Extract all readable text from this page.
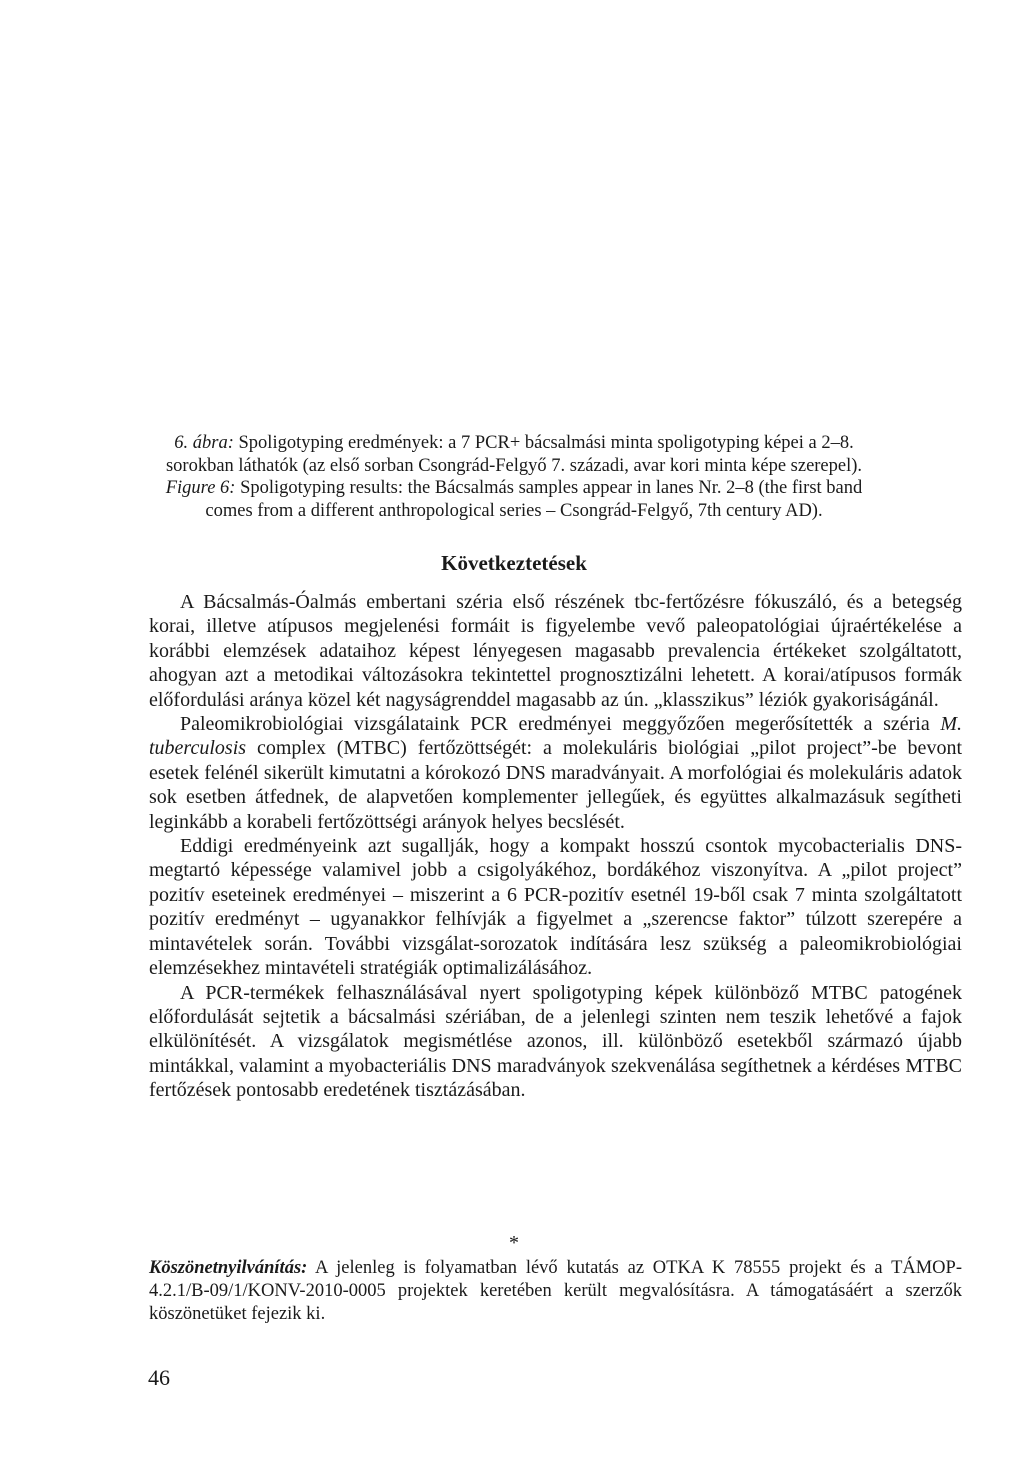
6. ábra: Spoligotyping eredmények: a 7 PCR+ bácsalmási minta spoligotyping képei a 2–8. sorokban láthatók (az első sorban Csongrád-Felgyő 7. századi, avar kori minta képe szerepel).
Figure 6: Spoligotyping results: the Bácsalmás samples appear in lanes Nr. 2–8 (the first band comes from a different anthropological series – Csongrád-Felgyő, 7th century AD).
Következtetések

A Bácsalmás-Óalmás embertani széria első részének tbc-fertőzésre fókuszáló, és a betegség korai, illetve atípusos megjelenési formáit is figyelembe vevő paleopatológiai újraértékelése a korábbi elemzések adataihoz képest lényegesen magasabb prevalencia értékeket szolgáltatott, ahogyan azt a metodikai változásokra tekintettel prognosztizálni lehetett. A korai/atípusos formák előfordulási aránya közel két nagyságrenddel magasabb az ún. „klasszikus” léziók gyakoriságánál.

Paleomikrobiológiai vizsgálataink PCR eredményei meggyőzően megerősítették a széria M. tuberculosis complex (MTBC) fertőzöttségét: a molekuláris biológiai „pilot project”-be bevont esetek felénél sikerült kimutatni a kórokozó DNS maradványait. A morfológiai és molekuláris adatok sok esetben átfednek, de alapvetően komplementer jellegűek, és együttes alkalmazásuk segítheti leginkább a korabeli fertőzöttségi arányok helyes becslését.

Eddigi eredményeink azt sugallják, hogy a kompakt hosszú csontok mycobacterialis DNS-megtartó képessége valamivel jobb a csigolyákéhoz, bordákéhoz viszonyítva. A „pilot project” pozitív eseteinek eredményei – miszerint a 6 PCR-pozitív esetnél 19-ből csak 7 minta szolgáltatott pozitív eredményt – ugyanakkor felhívják a figyelmet a „szerencse faktor” túlzott szerepére a mintavételek során. További vizsgálat-sorozatok indítására lesz szükség a paleomikrobiológiai elemzésekhez mintavételi stratégiák optimalizálásához.

A PCR-termékek felhasználásával nyert spoligotyping képek különböző MTBC patogének előfordulását sejtetik a bácsalmási szériában, de a jelenlegi szinten nem teszik lehetővé a fajok elkülönítését. A vizsgálatok megismétlése azonos, ill. különböző esetekből származó újabb mintákkal, valamint a myobacteriális DNS maradványok szekvenálása segíthetnek a kérdéses MTBC fertőzések pontosabb eredetének tisztázásában.

*
Köszönetnyilvánítás: A jelenleg is folyamatban lévő kutatás az OTKA K 78555 projekt és a TÁMOP-4.2.1/B-09/1/KONV-2010-0005 projektek keretében került megvalósításra. A támogatásáért a szerzők köszönetüket fejezik ki.
46
